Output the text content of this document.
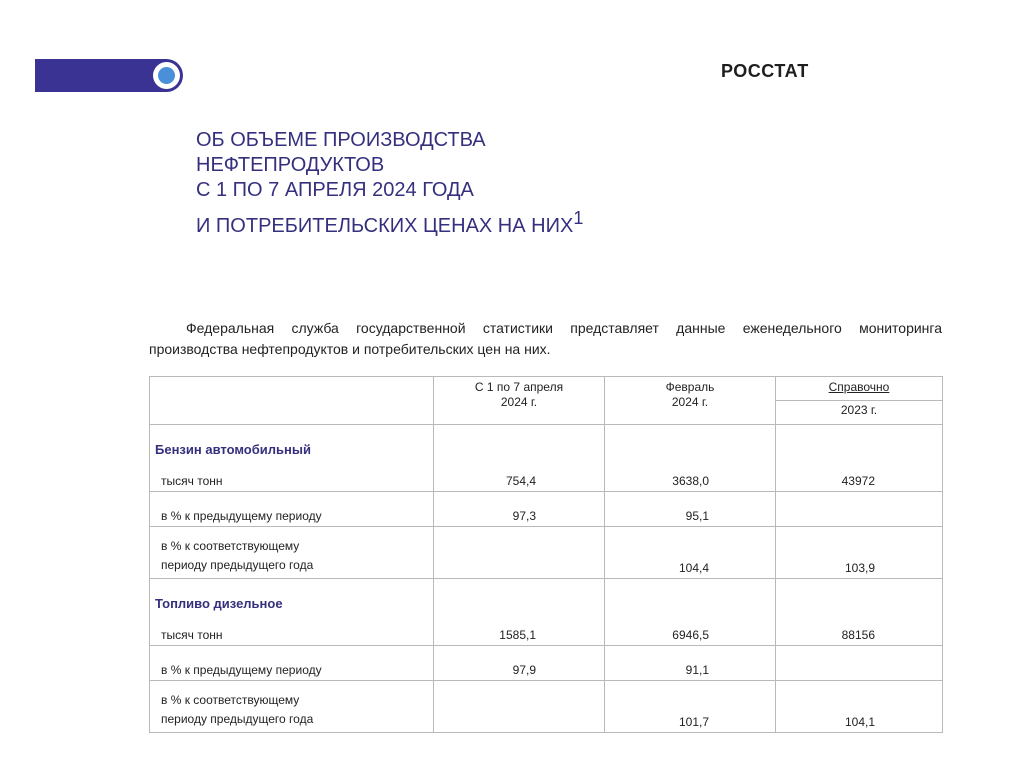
РОССТАТ
ОБ ОБЪЕМЕ ПРОИЗВОДСТВА
НЕФТЕПРОДУКТОВ
С 1 ПО 7 АПРЕЛЯ 2024 ГОДА
И ПОТРЕБИТЕЛЬСКИХ ЦЕНАХ НА НИХ$^1$
Федеральная служба государственной статистики представляет данные еженедельного мониторинга
производства нефтепродуктов и потребительских цен на них.

	С 1 по 7 апреля 2024 г.	Февраль 2024 г.	Справочно

			2023 г.

Бензин автомобильный
тысяч тонн	754,4	3638,0	43972

в % к предыдущему периоду	97,3	95,1	

в % к соответствующему
периоду предыдущего года		104,4	103,9

Топливо дизельное
тысяч тонн	1585,1	6946,5	88156

в % к предыдущему периоду	97,9	91,1	

в % к соответствующему
периоду предыдущего года		101,7	104,1
